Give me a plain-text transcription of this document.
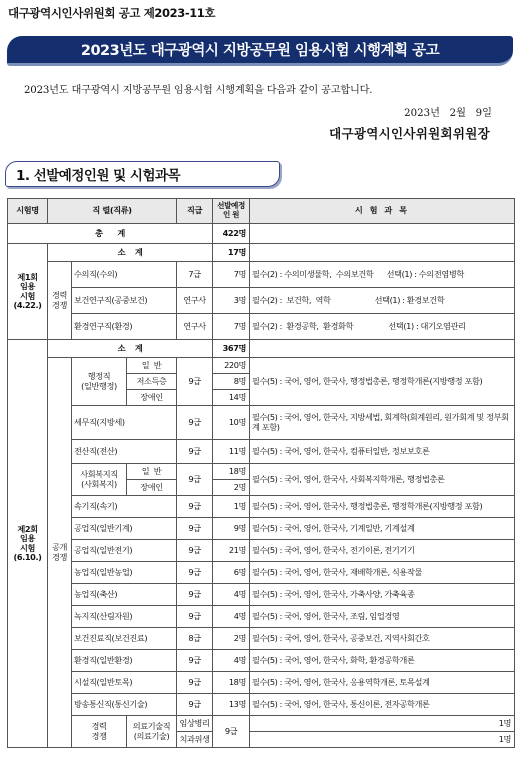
대구광역시인사위원회 공고 제2023-11호
2023년도 대구광역시 지방공무원 임용시험 시행계획 공고
2023년도 대구광역시 지방공무원 임용시험 시행계획을 다음과 같이 공고합니다.
2023년   2월   9일
대구광역시인사위원회위원장
1. 선발예정인원 및 시험과목
시험명	직 렬(직류)			직급	선발예정
인 원	시 험 과 목	
총      계					422명		
제1회
임용
시험
(4.22.)	소    계				17명		
	경력
경쟁	수의직(수의)		7급	7명	필수(2) : 수의미생물학,  수의보건학      선택(1) : 수의전염병학	
		보건연구직(공중보건)		연구사	3명	필수(2) :  보건학,  역학                    선택(1) : 환경보건학	
		환경연구직(환경)		연구사	7명	필수(2) :  환경공학,  환경화학                선택(1) : 대기오염관리	
제2회
임용
시험
(6.10.)	소    계				367명		
	공개
경쟁	행정직
(일반행정)	일  반	9급	220명	필수(5) : 국어, 영어, 한국사, 행정법총론, 행정학개론(지방행정 포함)	
			저소득층		8명		
			장애인		14명		
		세무직(지방세)		9급	10명	필수(5) : 국어, 영어, 한국사, 지방세법, 회계학(회계원리, 원가회계 및 정부회계 포함)	
		전산직(전산)		9급	11명	필수(5) : 국어, 영어, 한국사, 컴퓨터일반, 정보보호론	
		사회복지직
(사회복지)	일  반	9급	18명	필수(5) : 국어, 영어, 한국사, 사회복지학개론, 행정법총론	
			장애인		2명		
		속기직(속기)		9급	1명	필수(5) : 국어, 영어, 한국사, 행정법총론, 행정학개론(지방행정 포함)	
		공업직(일반기계)		9급	9명	필수(5) : 국어, 영어, 한국사, 기계일반, 기계설계	
		공업직(일반전기)		9급	21명	필수(5) : 국어, 영어, 한국사, 전기이론, 전기기기	
		농업직(일반농업)		9급	6명	필수(5) : 국어, 영어, 한국사, 재배학개론, 식용작물	
		농업직(축산)		9급	4명	필수(5) : 국어, 영어, 한국사, 가축사양, 가축육종	
		녹지직(산림자원)		9급	4명	필수(5) : 국어, 영어, 한국사, 조림, 임업경영	
		보건진료직(보건진료)		8급	2명	필수(5) : 국어, 영어, 한국사, 공중보건, 지역사회간호	
		환경직(일반환경)		9급	4명	필수(5) : 국어, 영어, 한국사, 화학, 환경공학개론	
		시설직(일반토목)		9급	18명	필수(5) : 국어, 영어, 한국사, 응용역학개론, 토목설계	
		방송통신직(통신기술)		9급	13명	필수(5) : 국어, 영어, 한국사, 통신이론, 전자공학개론	
		경력
경쟁	의료기술직
(의료기술)	임상병리	9급	1명	
				치과위생		1명	
